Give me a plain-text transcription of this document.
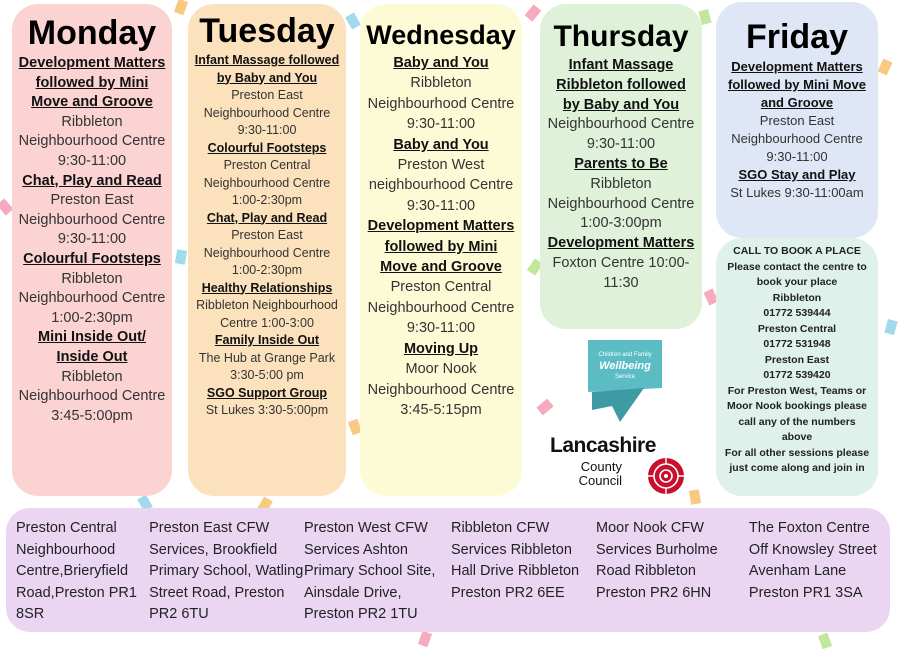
Monday
Development Matters followed by Mini Move and Groove
Ribbleton Neighbourhood Centre 9:30-11:00
Chat, Play and Read
Preston East Neighbourhood Centre 9:30-11:00
Colourful Footsteps
Ribbleton Neighbourhood Centre 1:00-2:30pm
Mini Inside Out/ Inside Out
Ribbleton Neighbourhood Centre 3:45-5:00pm
Tuesday
Infant Massage followed by Baby and You
Preston East Neighbourhood Centre 9:30-11:00
Colourful Footsteps
Preston Central Neighbourhood Centre 1:00-2:30pm
Chat, Play and Read
Preston East Neighbourhood Centre 1:00-2:30pm
Healthy Relationships
Ribbleton Neighbourhood Centre 1:00-3:00
Family Inside Out
The Hub at Grange Park 3:30-5:00 pm
SGO Support Group
St Lukes 3:30-5:00pm
Wednesday
Baby and You
Ribbleton Neighbourhood Centre 9:30-11:00
Baby and You
Preston West neighbourhood Centre 9:30-11:00
Development Matters followed by Mini Move and Groove
Preston Central Neighbourhood Centre 9:30-11:00
Moving Up
Moor Nook Neighbourhood Centre 3:45-5:15pm
Thursday
Infant Massage Ribbleton followed by Baby and You
Neighbourhood Centre 9:30-11:00
Parents to Be
Ribbleton Neighbourhood Centre 1:00-3:00pm
Development Matters
Foxton Centre 10:00-11:30
Friday
Development Matters followed by Mini Move and Groove
Preston East Neighbourhood Centre 9:30-11:00
SGO Stay and Play
St Lukes 9:30-11:00am
CALL TO BOOK A PLACE
Please contact the centre to book your place
Ribbleton
01772 539444
Preston Central
01772 531948
Preston East
01772 539420
For Preston West, Teams or Moor Nook bookings please call any of the numbers above
For all other sessions please just come along and join in
Children and Family
Wellbeing
Service
Lancashire
County
Council
Preston Central Neighbourhood Centre,Brieryfield Road,Preston PR1 8SR
Preston East CFW Services, Brookfield Primary School, Watling Street Road, Preston PR2 6TU
Preston West CFW Services Ashton Primary School Site, Ainsdale Drive, Preston PR2 1TU
Ribbleton CFW Services Ribbleton Hall Drive Ribbleton Preston PR2 6EE
Moor Nook CFW Services Burholme Road Ribbleton Preston PR2 6HN
The Foxton Centre Off Knowsley Street Avenham Lane Preston PR1 3SA
